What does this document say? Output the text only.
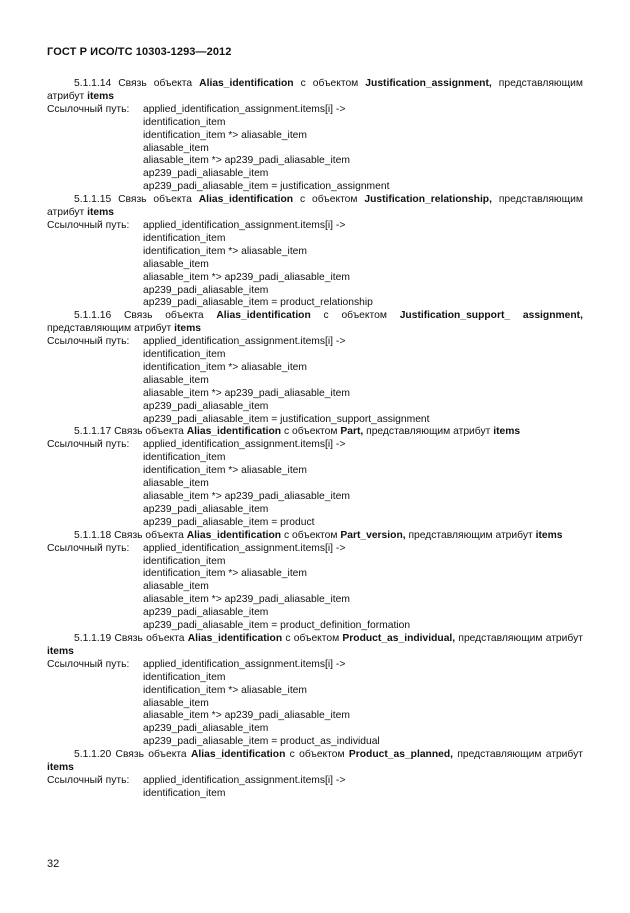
ГОСТ Р ИСО/ТС 10303-1293—2012
5.1.1.14 Связь объекта Alias_identification с объектом Justification_assignment, представляющим атрибут items
Ссылочный путь:	applied_identification_assignment.items[i] ->
identification_item
identification_item *> aliasable_item
aliasable_item
aliasable_item *> ap239_padi_aliasable_item
ap239_padi_aliasable_item
ap239_padi_aliasable_item = justification_assignment
5.1.1.15 Связь объекта Alias_identification с объектом Justification_relationship, представляющим атрибут items
Ссылочный путь:	applied_identification_assignment.items[i] ->
identification_item
identification_item *> aliasable_item
aliasable_item
aliasable_item *> ap239_padi_aliasable_item
ap239_padi_aliasable_item
ap239_padi_aliasable_item = product_relationship
5.1.1.16 Связь объекта Alias_identification с объектом Justification_support_ assignment, представляющим атрибут items
Ссылочный путь:	applied_identification_assignment.items[i] ->
identification_item
identification_item *> aliasable_item
aliasable_item
aliasable_item *> ap239_padi_aliasable_item
ap239_padi_aliasable_item
ap239_padi_aliasable_item = justification_support_assignment
5.1.1.17 Связь объекта Alias_identification с объектом Part, представляющим атрибут items
Ссылочный путь:	applied_identification_assignment.items[i] ->
identification_item
identification_item *> aliasable_item
aliasable_item
aliasable_item *> ap239_padi_aliasable_item
ap239_padi_aliasable_item
ap239_padi_aliasable_item = product
5.1.1.18 Связь объекта Alias_identification с объектом Part_version, представляющим атрибут items
Ссылочный путь:	applied_identification_assignment.items[i] ->
identification_item
identification_item *> aliasable_item
aliasable_item
aliasable_item *> ap239_padi_aliasable_item
ap239_padi_aliasable_item
ap239_padi_aliasable_item = product_definition_formation
5.1.1.19 Связь объекта Alias_identification с объектом Product_as_individual, представляющим атрибут items
Ссылочный путь:	applied_identification_assignment.items[i] ->
identification_item
identification_item *> aliasable_item
aliasable_item
aliasable_item *> ap239_padi_aliasable_item
ap239_padi_aliasable_item
ap239_padi_aliasable_item = product_as_individual
5.1.1.20 Связь объекта Alias_identification с объектом Product_as_planned, представляющим атрибут items
Ссылочный путь:	applied_identification_assignment.items[i] ->
identification_item
32
